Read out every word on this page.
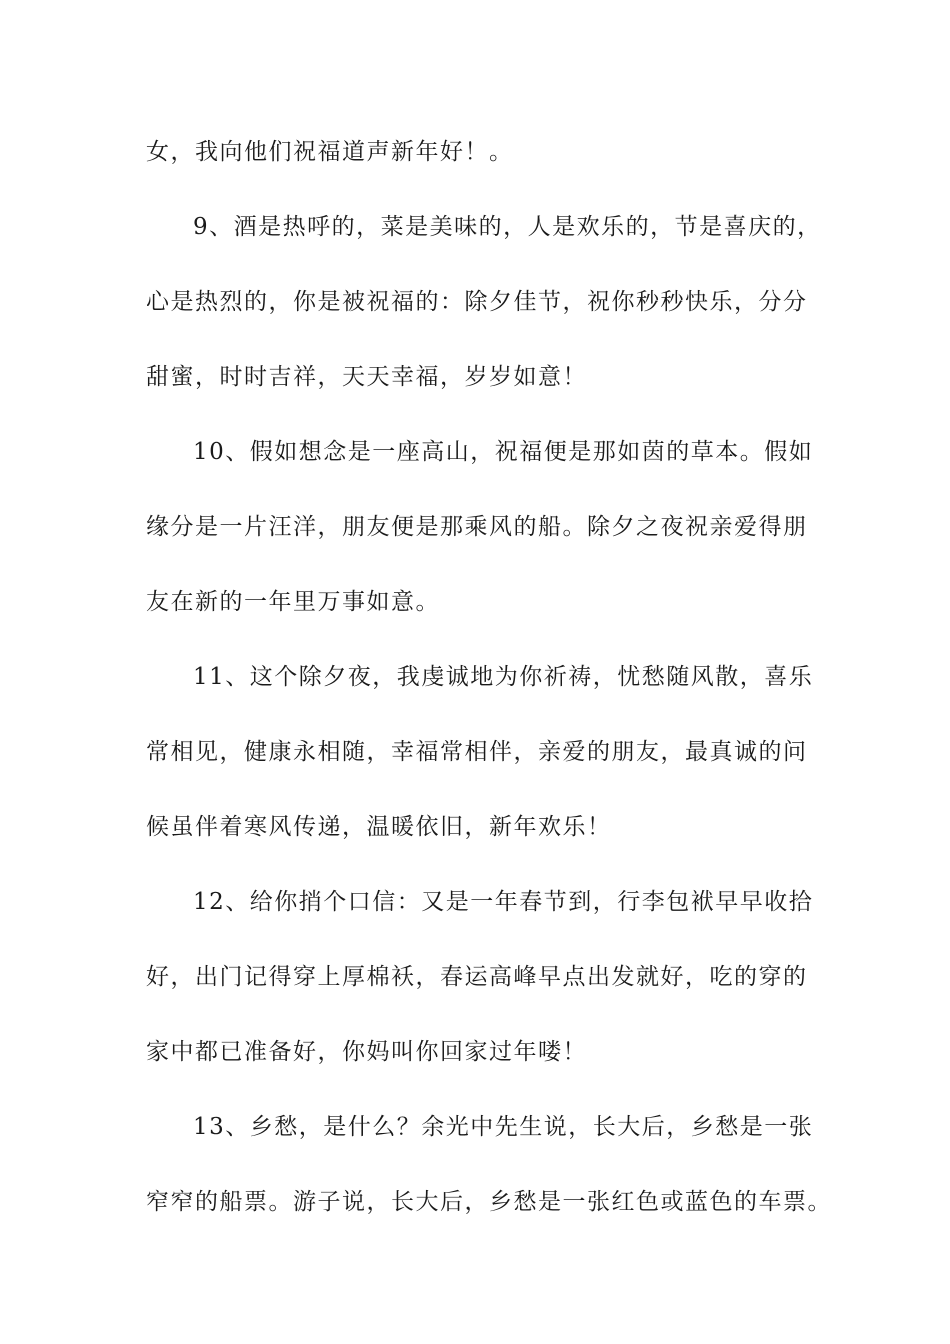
女，我向他们祝福道声新年好！。
9、酒是热呼的，菜是美味的，人是欢乐的，节是喜庆的，
心是热烈的，你是被祝福的：除夕佳节，祝你秒秒快乐，分分
甜蜜，时时吉祥，天天幸福，岁岁如意！
10、假如想念是一座高山，祝福便是那如茵的草本。假如
缘分是一片汪洋，朋友便是那乘风的船。除夕之夜祝亲爱得朋
友在新的一年里万事如意。
11、这个除夕夜，我虔诚地为你祈祷，忧愁随风散，喜乐
常相见，健康永相随，幸福常相伴，亲爱的朋友，最真诚的问
候虽伴着寒风传递，温暖依旧，新年欢乐！
12、给你捎个口信：又是一年春节到，行李包袱早早收拾
好，出门记得穿上厚棉袄，春运高峰早点出发就好，吃的穿的
家中都已准备好，你妈叫你回家过年喽！
13、乡愁，是什么？余光中先生说，长大后，乡愁是一张
窄窄的船票。游子说，长大后，乡愁是一张红色或蓝色的车票。
